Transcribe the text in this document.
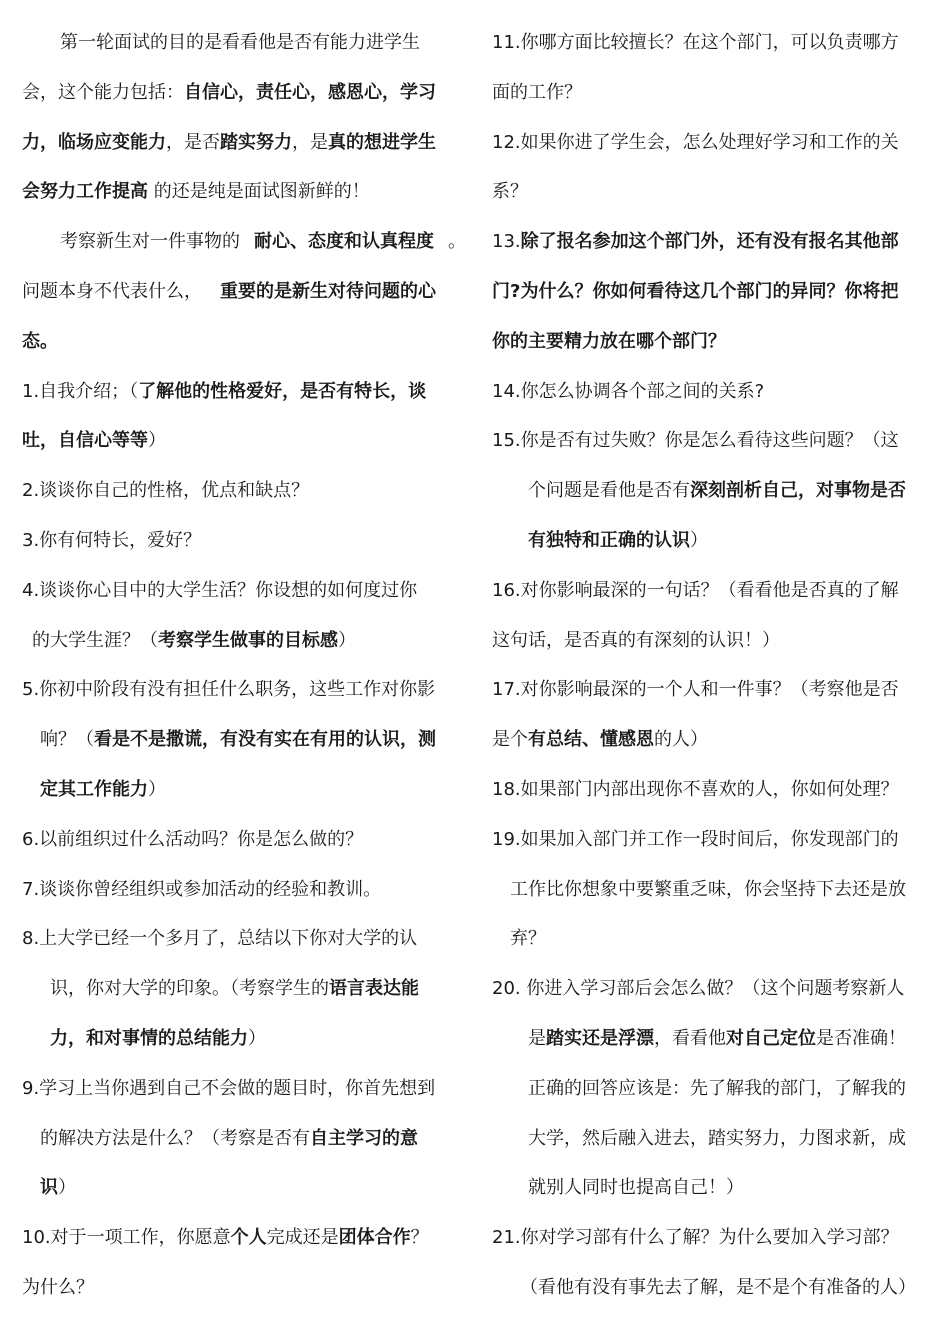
第一轮面试的目的是看看他是否有能力进学生
会，这个能力包括：自信心，责任心，感恩心，学习
力，临场应变能力，是否踏实努力，是真的想进学生
会努力工作提高 的还是纯是面试图新鲜的！
考察新生对一件事物的 耐心、态度和认真程度 。
问题本身不代表什么， 重要的是新生对待问题的心
态。
1.自我介绍；（了解他的性格爱好，是否有特长，谈
吐，自信心等等）
2.谈谈你自己的性格，优点和缺点？
3.你有何特长，爱好？
4.谈谈你心目中的大学生活？你设想的如何度过你
的大学生涯？（考察学生做事的目标感）
5.你初中阶段有没有担任什么职务，这些工作对你影
响？（看是不是撒谎，有没有实在有用的认识，测
定其工作能力）
6.以前组织过什么活动吗？你是怎么做的？
7.谈谈你曾经组织或参加活动的经验和教训。
8.上大学已经一个多月了，总结以下你对大学的认
识，你对大学的印象。（考察学生的语言表达能
力，和对事情的总结能力）
9.学习上当你遇到自己不会做的题目时，你首先想到
的解决方法是什么？（考察是否有自主学习的意
识）
10.对于一项工作，你愿意个人完成还是团体合作？
为什么？
11.你哪方面比较擅长？在这个部门，可以负责哪方
面的工作？
12.如果你进了学生会，怎么处理好学习和工作的关
系？
13.除了报名参加这个部门外，还有没有报名其他部
门?为什么？你如何看待这几个部门的异同？你将把
你的主要精力放在哪个部门？
14.你怎么协调各个部之间的关系?
15.你是否有过失败？你是怎么看待这些问题？（这
个问题是看他是否有深刻剖析自己，对事物是否
有独特和正确的认识）
16.对你影响最深的一句话？（看看他是否真的了解
这句话，是否真的有深刻的认识！）
17.对你影响最深的一个人和一件事？（考察他是否
是个有总结、懂感恩的人）
18.如果部门内部出现你不喜欢的人，你如何处理？
19.如果加入部门并工作一段时间后，你发现部门的
工作比你想象中要繁重乏味，你会坚持下去还是放
弃？
20. 你进入学习部后会怎么做？（这个问题考察新人
是踏实还是浮漂，看看他对自己定位是否准确！
正确的回答应该是：先了解我的部门，了解我的
大学，然后融入进去，踏实努力，力图求新，成
就别人同时也提高自己！）
21.你对学习部有什么了解？为什么要加入学习部？
（看他有没有事先去了解，是不是个有准备的人）
